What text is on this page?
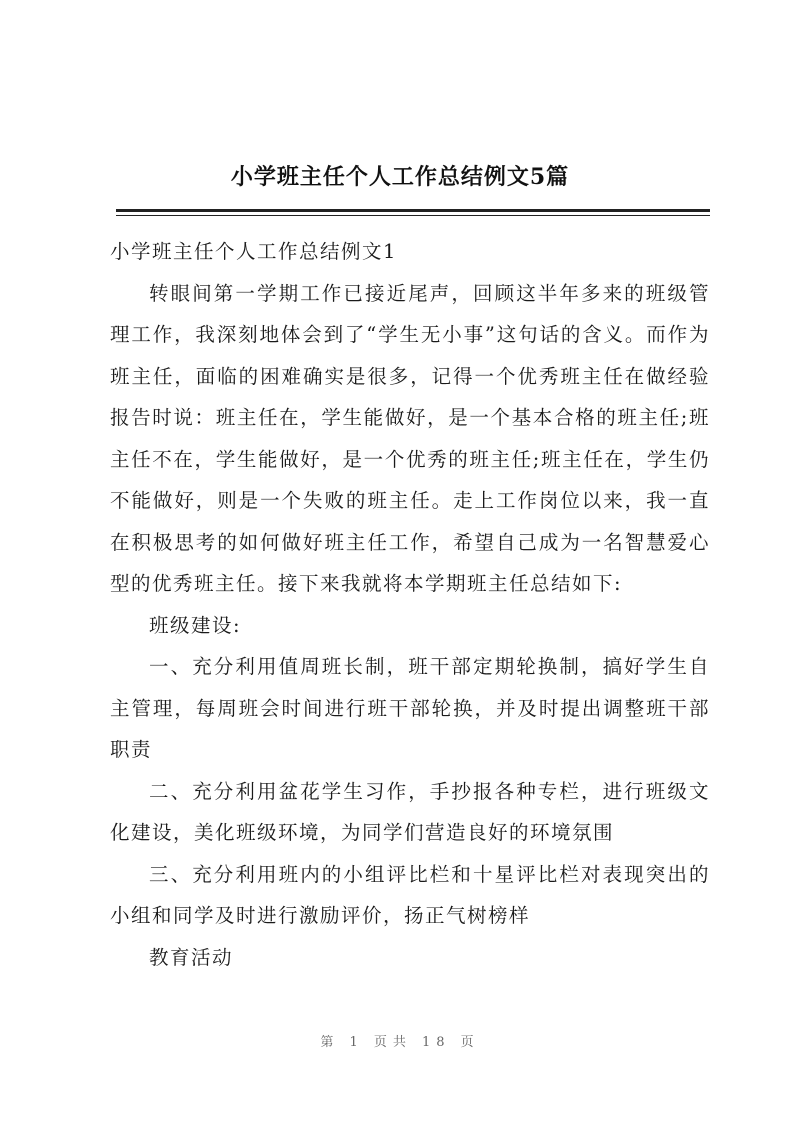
小学班主任个人工作总结例文5篇

小学班主任个人工作总结例文1

转眼间第一学期工作已接近尾声，回顾这半年多来的班级管理工作，我深刻地体会到了“学生无小事”这句话的含义。而作为班主任，面临的困难确实是很多，记得一个优秀班主任在做经验报告时说：班主任在，学生能做好，是一个基本合格的班主任;班主任不在，学生能做好，是一个优秀的班主任;班主任在，学生仍不能做好，则是一个失败的班主任。走上工作岗位以来，我一直在积极思考的如何做好班主任工作，希望自己成为一名智慧爱心型的优秀班主任。接下来我就将本学期班主任总结如下:

班级建设:

一、充分利用值周班长制，班干部定期轮换制，搞好学生自主管理，每周班会时间进行班干部轮换，并及时提出调整班干部职责

二、充分利用盆花学生习作，手抄报各种专栏，进行班级文化建设，美化班级环境，为同学们营造良好的环境氛围

三、充分利用班内的小组评比栏和十星评比栏对表现突出的小组和同学及时进行激励评价，扬正气树榜样

教育活动

第 1 页共 18 页
